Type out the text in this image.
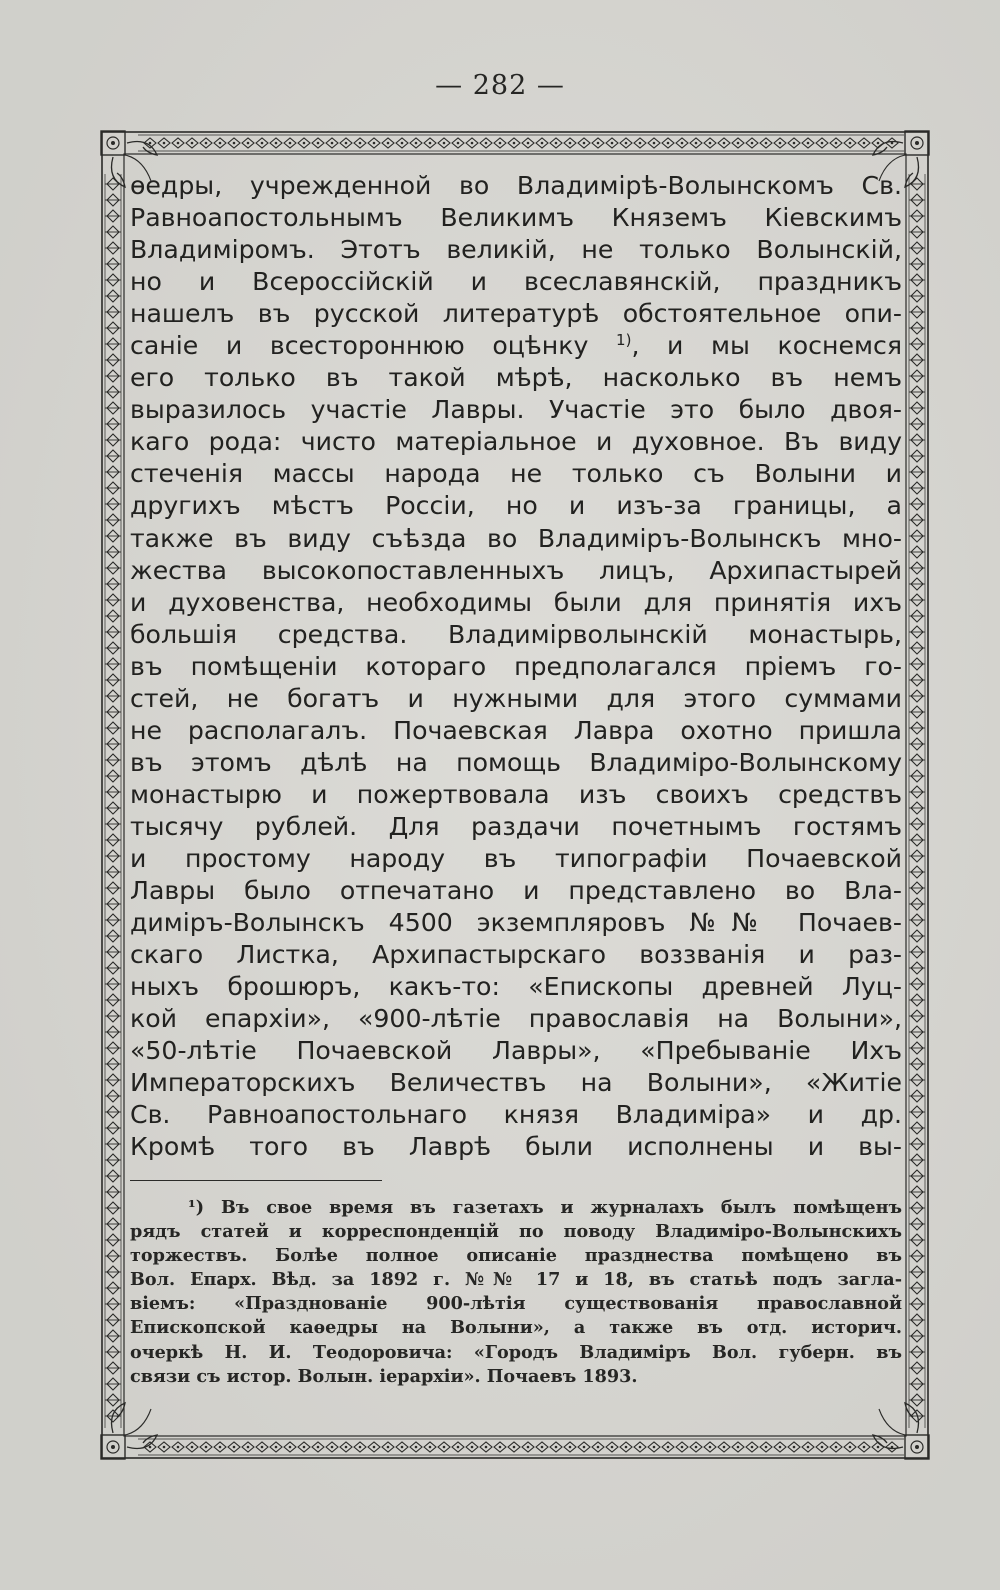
— 282 —
ѳедры, учрежденной во Владимірѣ-Волынскомъ Св.
Равноапостольнымъ Великимъ Княземъ Кіевскимъ
Владиміромъ. Этотъ великій, не только Волынскій,
но и Всероссійскій и всеславянскій, праздникъ
нашелъ въ русской литературѣ обстоятельное опи-
саніе и всестороннюю оцѣнку $^{1)}$, и мы коснемся
его только въ такой мѣрѣ, насколько въ немъ
выразилось участіе Лавры. Участіе это было двоя-
каго рода: чисто матеріальное и духовное. Въ виду
стеченія массы народа не только съ Волыни и
другихъ мѣстъ Россіи, но и изъ-за границы, а
также въ виду съѣзда во Владиміръ-Волынскъ мно-
жества высокопоставленныхъ лицъ, Архипастырей
и духовенства, необходимы были для принятія ихъ
большія средства. Владимірволынскій монастырь,
въ помѣщеніи котораго предполагался пріемъ го-
стей, не богатъ и нужными для этого суммами
не располагалъ. Почаевская Лавра охотно пришла
въ этомъ дѣлѣ на помощь Владиміро-Волынскому
монастырю и пожертвовала изъ своихъ средствъ
тысячу рублей. Для раздачи почетнымъ гостямъ
и простому народу въ типографіи Почаевской
Лавры было отпечатано и представлено во Вла-
диміръ-Волынскъ 4500 экземпляровъ №№ Почаев-
скаго Листка, Архипастырскаго воззванія и раз-
ныхъ брошюръ, какъ-то: «Епископы древней Луц-
кой епархіи», «900-лѣтіе православія на Волыни»,
«50-лѣтіе Почаевской Лавры», «Пребываніе Ихъ
Императорскихъ Величествъ на Волыни», «Житіе
Св. Равноапостольнаго князя Владиміра» и др.
Кромѣ того въ Лаврѣ были исполнены и вы-
¹) Въ свое время въ газетахъ и журналахъ былъ помѣщенъ
рядъ статей и корреспонденцій по поводу Владиміро-Волынскихъ
торжествъ. Болѣе полное описаніе празднества помѣщено въ
Вол. Епарх. Вѣд. за 1892 г. №№ 17 и 18, въ статьѣ подъ загла-
віемъ: «Празднованіе 900-лѣтія существованія православной
Епископской каѳедры на Волыни», а также въ отд. историч.
очеркѣ Н. И. Теодоровича: «Городъ Владиміръ Вол. губерн. въ
связи съ истор. Волын. іерархіи». Почаевъ 1893.
